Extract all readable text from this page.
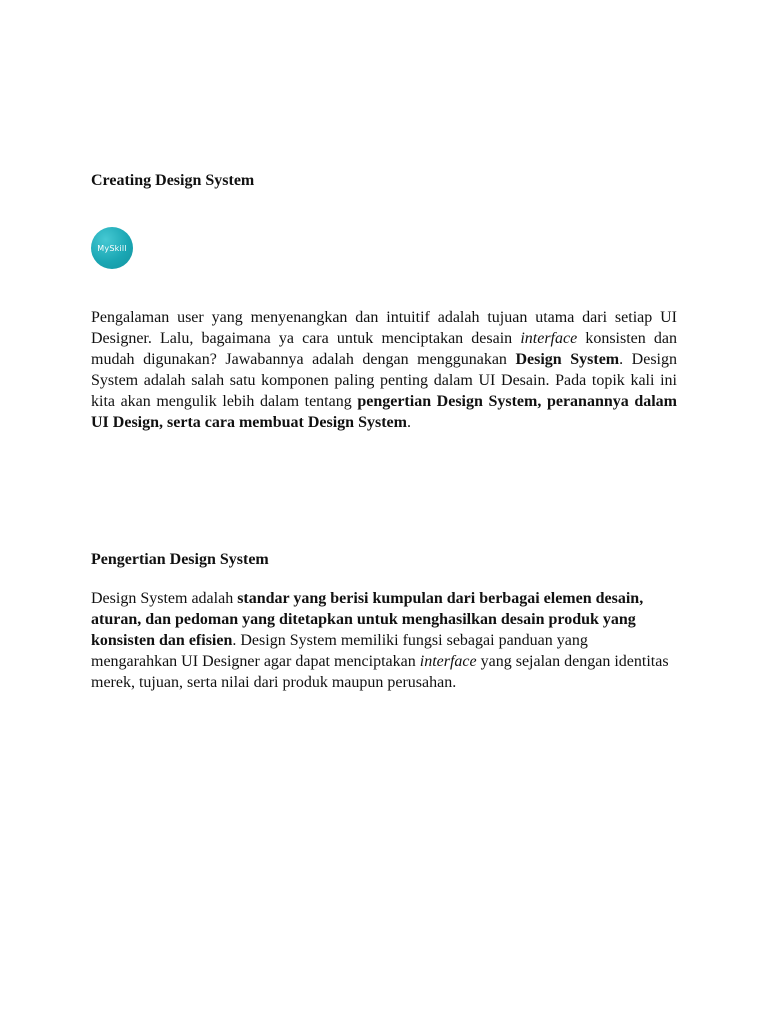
Creating Design System
MySkill

Pengalaman user yang menyenangkan dan intuitif adalah tujuan utama dari setiap UI Designer. Lalu, bagaimana ya cara untuk menciptakan desain interface konsisten dan mudah digunakan? Jawabannya adalah dengan menggunakan Design System. Design System adalah salah satu komponen paling penting dalam UI Desain. Pada topik kali ini kita akan mengulik lebih dalam tentang pengertian Design System, peranannya dalam UI Design, serta cara membuat Design System.

Pengertian Design System

Design System adalah standar yang berisi kumpulan dari berbagai elemen desain, aturan, dan pedoman yang ditetapkan untuk menghasilkan desain produk yang konsisten dan efisien. Design System memiliki fungsi sebagai panduan yang mengarahkan UI Designer agar dapat menciptakan interface yang sejalan dengan identitas merek, tujuan, serta nilai dari produk maupun perusahan.
